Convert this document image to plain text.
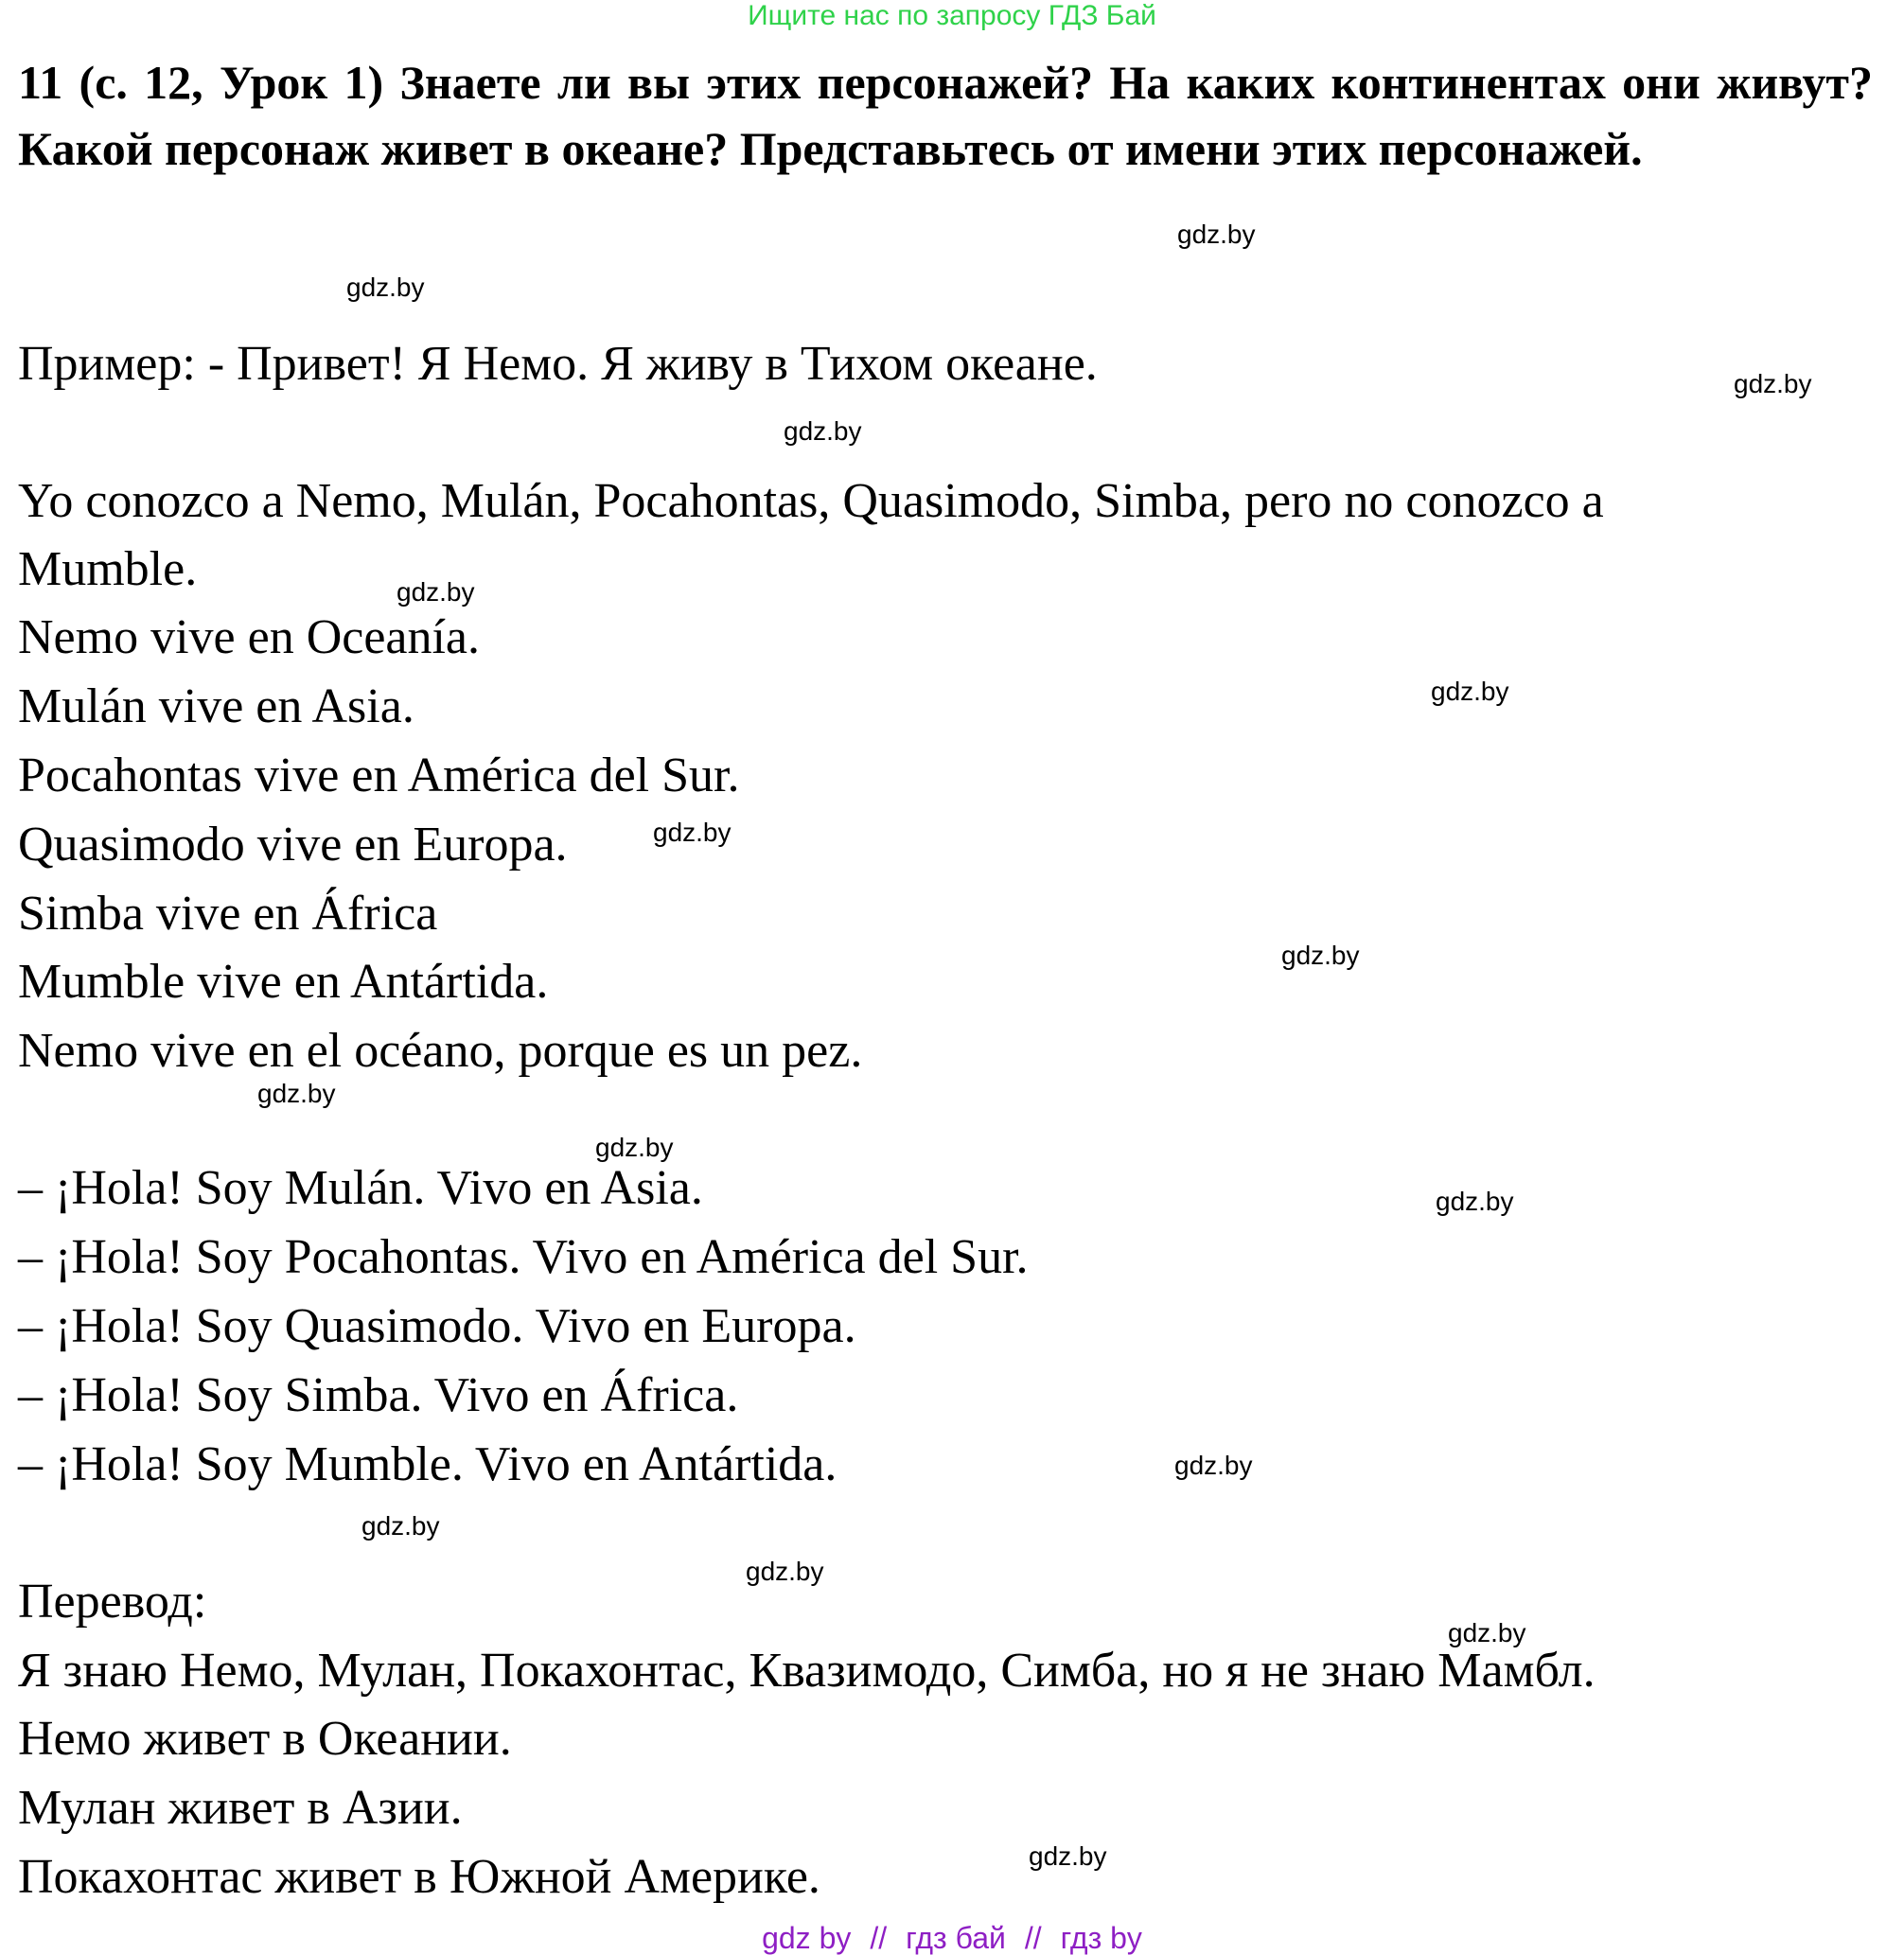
Ищите нас по запросу ГДЗ Бай
11 (с. 12, Урок 1) Знаете ли вы этих персонажей? На каких континентах они живут? Какой персонаж живет в океане? Представьтесь от имени этих персонажей.
Пример: - Привет! Я Немо. Я живу в Тихом океане.
Yo conozco a Nemo, Mulán, Pocahontas, Quasimodo, Simba, pero no conozco a
Mumble.
Nemo vive en Oceanía.
Mulán vive en Asia.
Pocahontas vive en América del Sur.
Quasimodo vive en Europa.
Simba vive en África
Mumble vive en Antártida.
Nemo vive en el océano, porque es un pez.
– ¡Hola! Soy Mulán. Vivo en Asia.
– ¡Hola! Soy Pocahontas. Vivo en América del Sur.
– ¡Hola! Soy Quasimodo. Vivo en Europa.
– ¡Hola! Soy Simba. Vivo en África.
– ¡Hola! Soy Mumble. Vivo en Antártida.
Перевод:
Я знаю Немо, Мулан, Покахонтас, Квазимодо, Симба, но я не знаю Мамбл.
Немо живет в Океании.
Мулан живет в Азии.
Покахонтас живет в Южной Америке.
gdz.by
gdz.by
gdz.by
gdz.by
gdz.by
gdz.by
gdz.by
gdz.by
gdz.by
gdz.by
gdz.by
gdz.by
gdz.by
gdz.by
gdz.by
gdz.by
gdz by // гдз бай // гдз by
